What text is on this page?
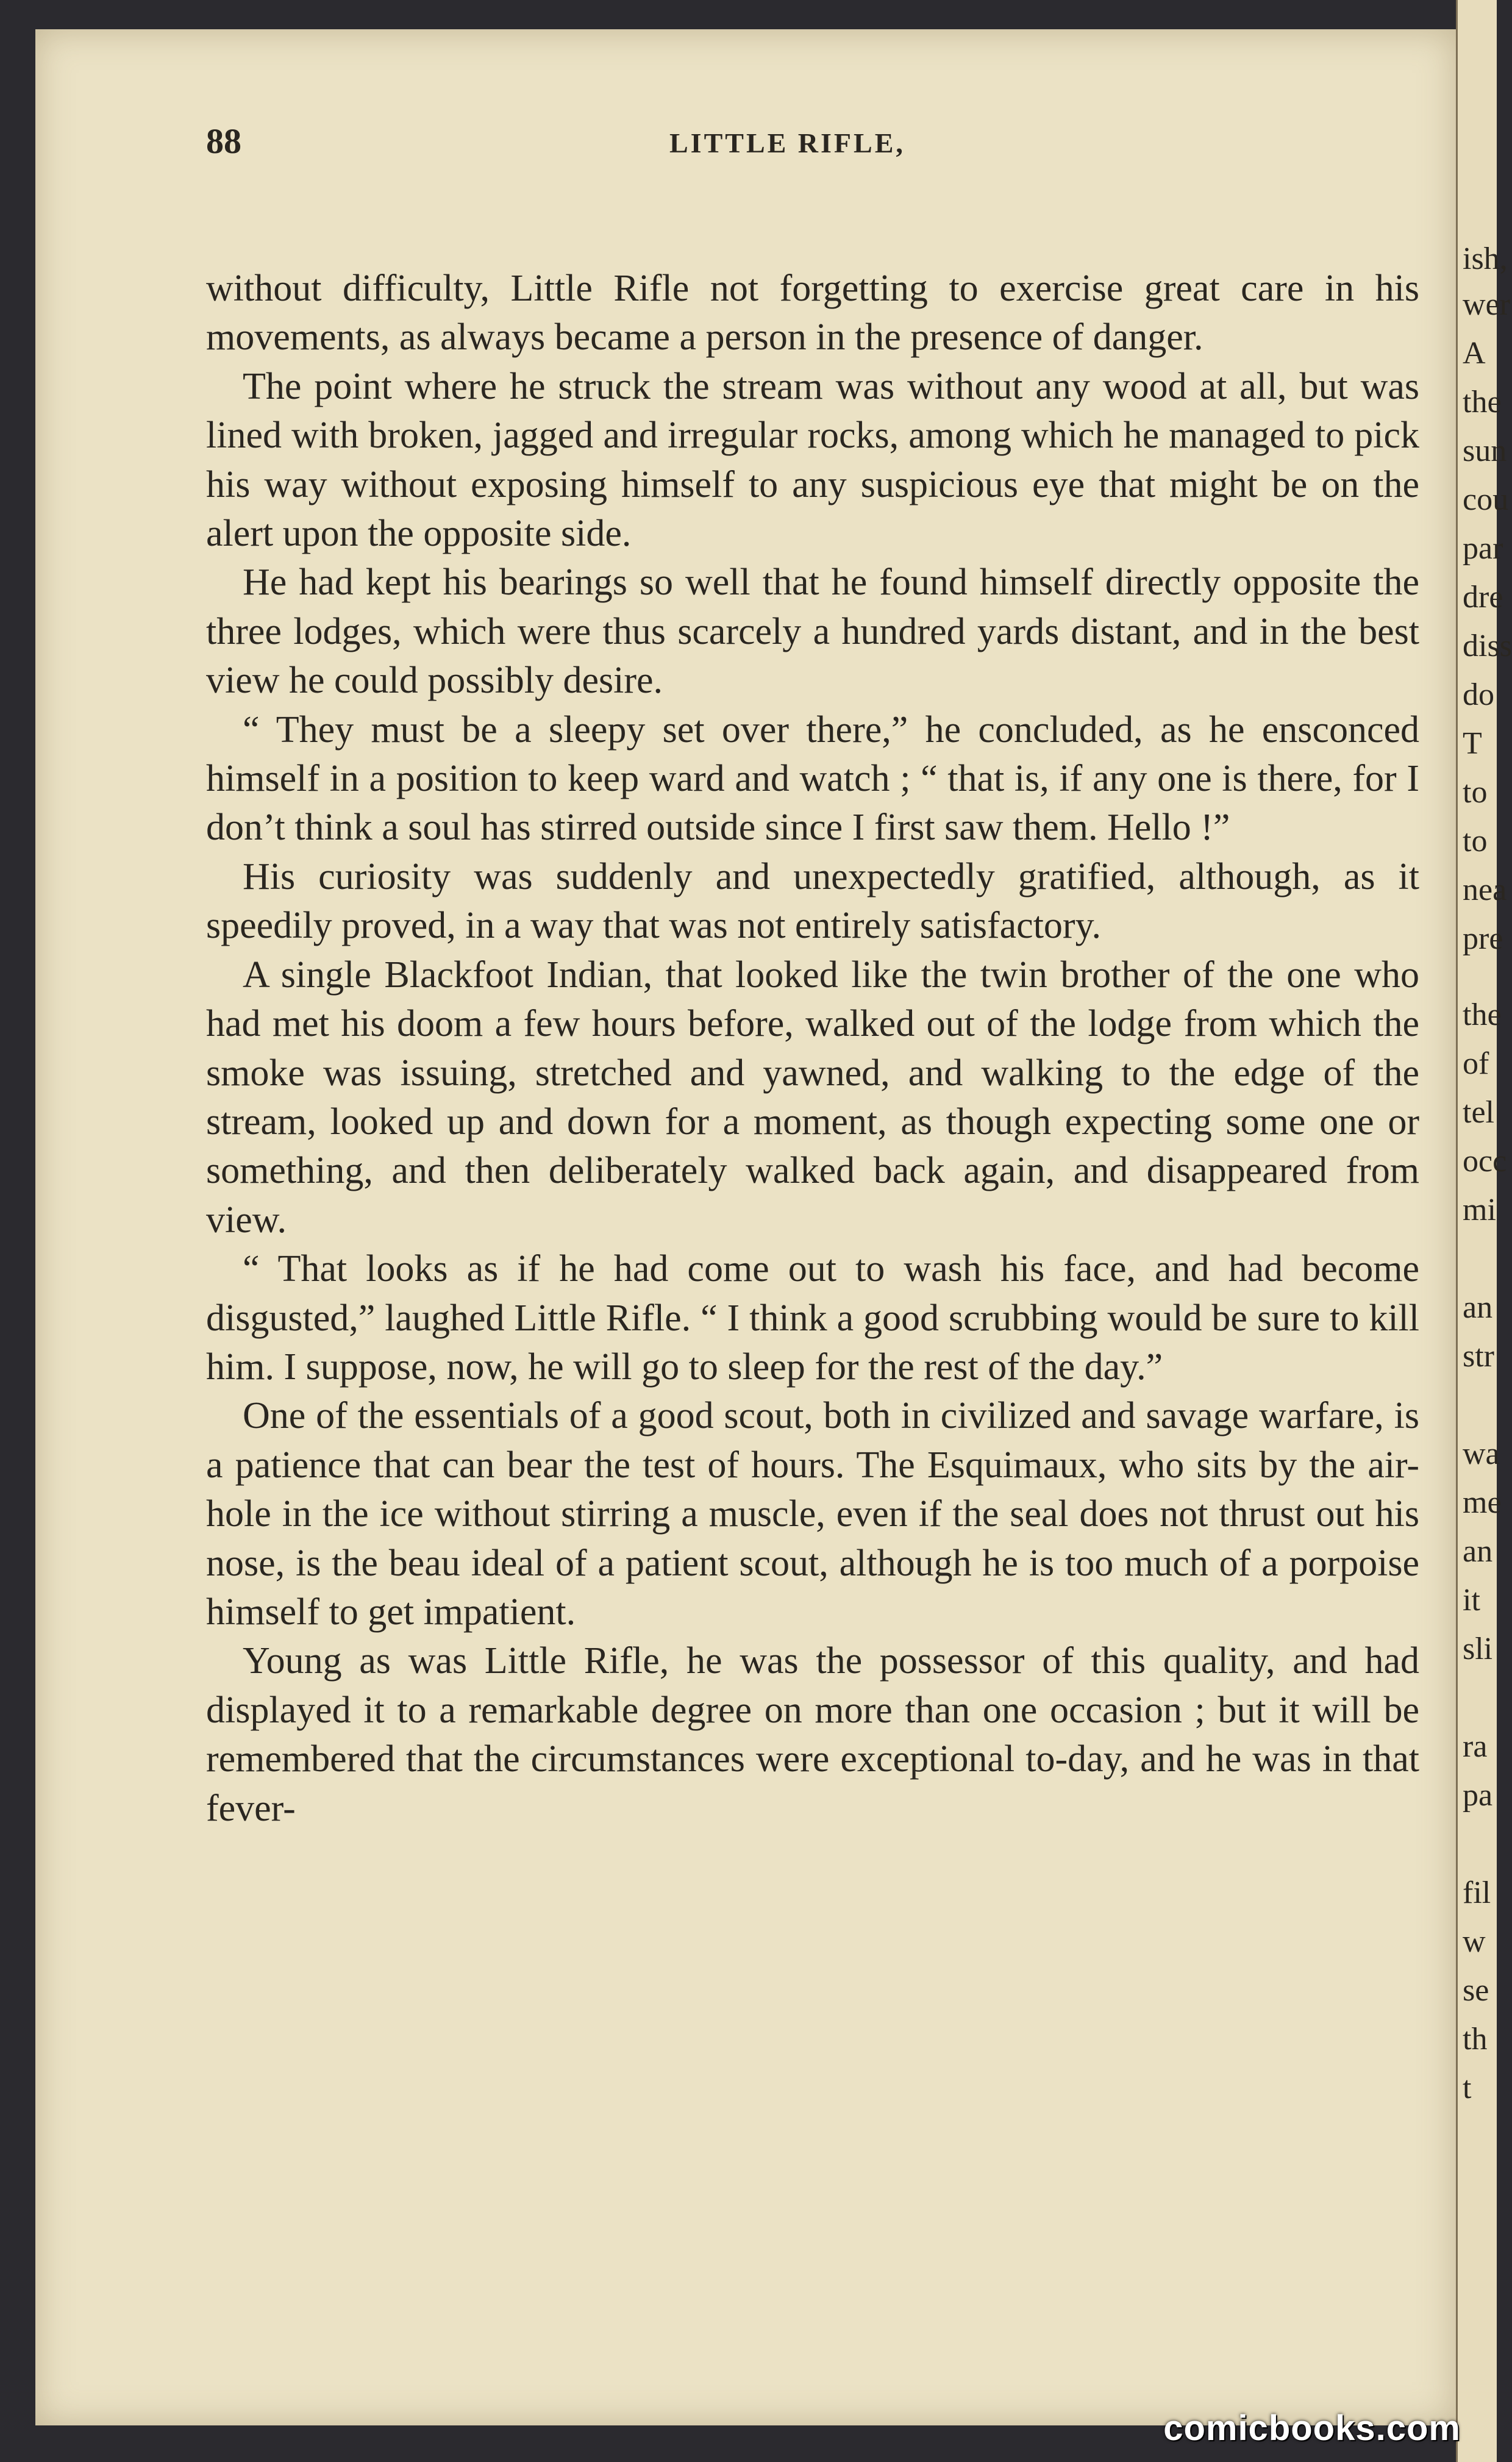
88	LITTLE RIFLE,

without difficulty, Little Rifle not forgetting to exercise great care in his movements, as always became a person in the presence of danger.

The point where he struck the stream was without any wood at all, but was lined with broken, jagged and irregular rocks, among which he managed to pick his way without exposing himself to any suspicious eye that might be on the alert upon the opposite side.

He had kept his bearings so well that he found himself directly opposite the three lodges, which were thus scarcely a hundred yards distant, and in the best view he could possibly desire.

“ They must be a sleepy set over there,” he concluded, as he ensconced himself in a position to keep ward and watch ; “ that is, if any one is there, for I don’t think a soul has stirred outside since I first saw them. Hello !”

His curiosity was suddenly and unexpectedly gratified, although, as it speedily proved, in a way that was not entirely satisfactory.

A single Blackfoot Indian, that looked like the twin brother of the one who had met his doom a few hours before, walked out of the lodge from which the smoke was issuing, stretched and yawned, and walking to the edge of the stream, looked up and down for a moment, as though expecting some one or something, and then deliberately walked back again, and disappeared from view.

“ That looks as if he had come out to wash his face, and had become disgusted,” laughed Little Rifle. “ I think a good scrubbing would be sure to kill him. I suppose, now, he will go to sleep for the rest of the day.”

One of the essentials of a good scout, both in civilized and savage warfare, is a patience that can bear the test of hours. The Esquimaux, who sits by the air-hole in the ice without stirring a muscle, even if the seal does not thrust out his nose, is the beau ideal of a patient scout, although he is too much of a porpoise himself to get impatient.

Young as was Little Rifle, he was the possessor of this quality, and had displayed it to a remarkable degree on more than one occasion ; but it will be remembered that the circumstances were exceptional to-day, and he was in that fever-

ish,
wer
A
the
sun
cou
par
dre
diss
do
T
to
to
nea
pre
the
of
tel
occ
mi
an
str
wa
me
an
it
sli
ra
pa
fil
w
se
th
t
comicbooks.com
